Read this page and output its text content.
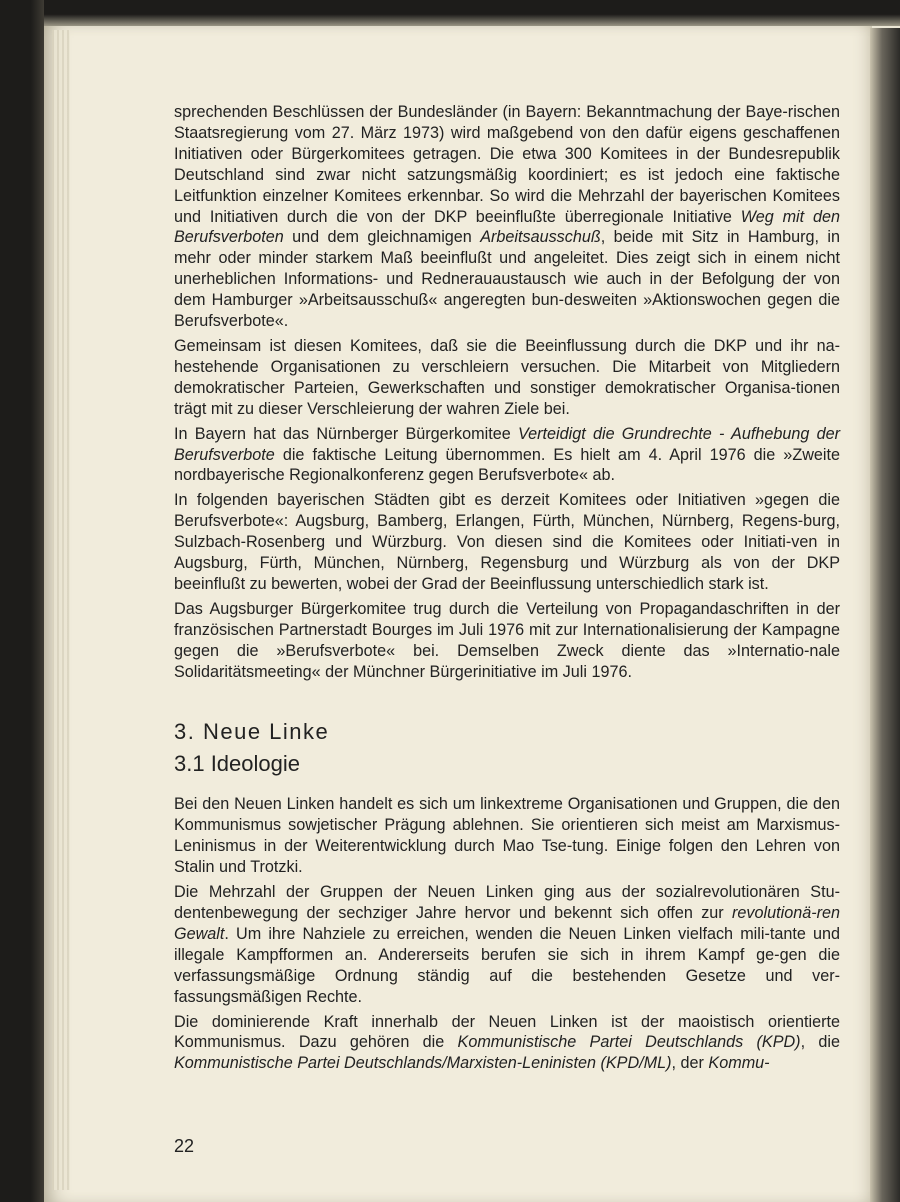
sprechenden Beschlüssen der Bundesländer (in Bayern: Bekanntmachung der Baye-rischen Staatsregierung vom 27. März 1973) wird maßgebend von den dafür eigens geschaffenen Initiativen oder Bürgerkomitees getragen. Die etwa 300 Komitees in der Bundesrepublik Deutschland sind zwar nicht satzungsmäßig koordiniert; es ist jedoch eine faktische Leitfunktion einzelner Komitees erkennbar. So wird die Mehrzahl der bayerischen Komitees und Initiativen durch die von der DKP beeinflußte überregionale Initiative Weg mit den Berufsverboten und dem gleichnamigen Arbeitsausschuß, beide mit Sitz in Hamburg, in mehr oder minder starkem Maß beeinflußt und angeleitet. Dies zeigt sich in einem nicht unerheblichen Informations- und Rednerauaustausch wie auch in der Befolgung der von dem Hamburger »Arbeitsausschuß« angeregten bun-desweiten »Aktionswochen gegen die Berufsverbote«.

Gemeinsam ist diesen Komitees, daß sie die Beeinflussung durch die DKP und ihr na-hestehende Organisationen zu verschleiern versuchen. Die Mitarbeit von Mitgliedern demokratischer Parteien, Gewerkschaften und sonstiger demokratischer Organisa-tionen trägt mit zu dieser Verschleierung der wahren Ziele bei.

In Bayern hat das Nürnberger Bürgerkomitee Verteidigt die Grundrechte - Aufhebung der Berufsverbote die faktische Leitung übernommen. Es hielt am 4. April 1976 die »Zweite nordbayerische Regionalkonferenz gegen Berufsverbote« ab.

In folgenden bayerischen Städten gibt es derzeit Komitees oder Initiativen »gegen die Berufsverbote«: Augsburg, Bamberg, Erlangen, Fürth, München, Nürnberg, Regens-burg, Sulzbach-Rosenberg und Würzburg. Von diesen sind die Komitees oder Initiati-ven in Augsburg, Fürth, München, Nürnberg, Regensburg und Würzburg als von der DKP beeinflußt zu bewerten, wobei der Grad der Beeinflussung unterschiedlich stark ist.

Das Augsburger Bürgerkomitee trug durch die Verteilung von Propagandaschriften in der französischen Partnerstadt Bourges im Juli 1976 mit zur Internationalisierung der Kampagne gegen die »Berufsverbote« bei. Demselben Zweck diente das »Internatio-nale Solidaritätsmeeting« der Münchner Bürgerinitiative im Juli 1976.

3. Neue Linke
3.1 Ideologie

Bei den Neuen Linken handelt es sich um linkextreme Organisationen und Gruppen, die den Kommunismus sowjetischer Prägung ablehnen. Sie orientieren sich meist am Marxismus-Leninismus in der Weiterentwicklung durch Mao Tse-tung. Einige folgen den Lehren von Stalin und Trotzki.

Die Mehrzahl der Gruppen der Neuen Linken ging aus der sozialrevolutionären Stu-dentenbewegung der sechziger Jahre hervor und bekennt sich offen zur revolutionä-ren Gewalt. Um ihre Nahziele zu erreichen, wenden die Neuen Linken vielfach mili-tante und illegale Kampfformen an. Andererseits berufen sie sich in ihrem Kampf ge-gen die verfassungsmäßige Ordnung ständig auf die bestehenden Gesetze und ver-fassungsmäßigen Rechte.

Die dominierende Kraft innerhalb der Neuen Linken ist der maoistisch orientierte Kommunismus. Dazu gehören die Kommunistische Partei Deutschlands (KPD), die Kommunistische Partei Deutschlands/Marxisten-Leninisten (KPD/ML), der Kommu-

22
